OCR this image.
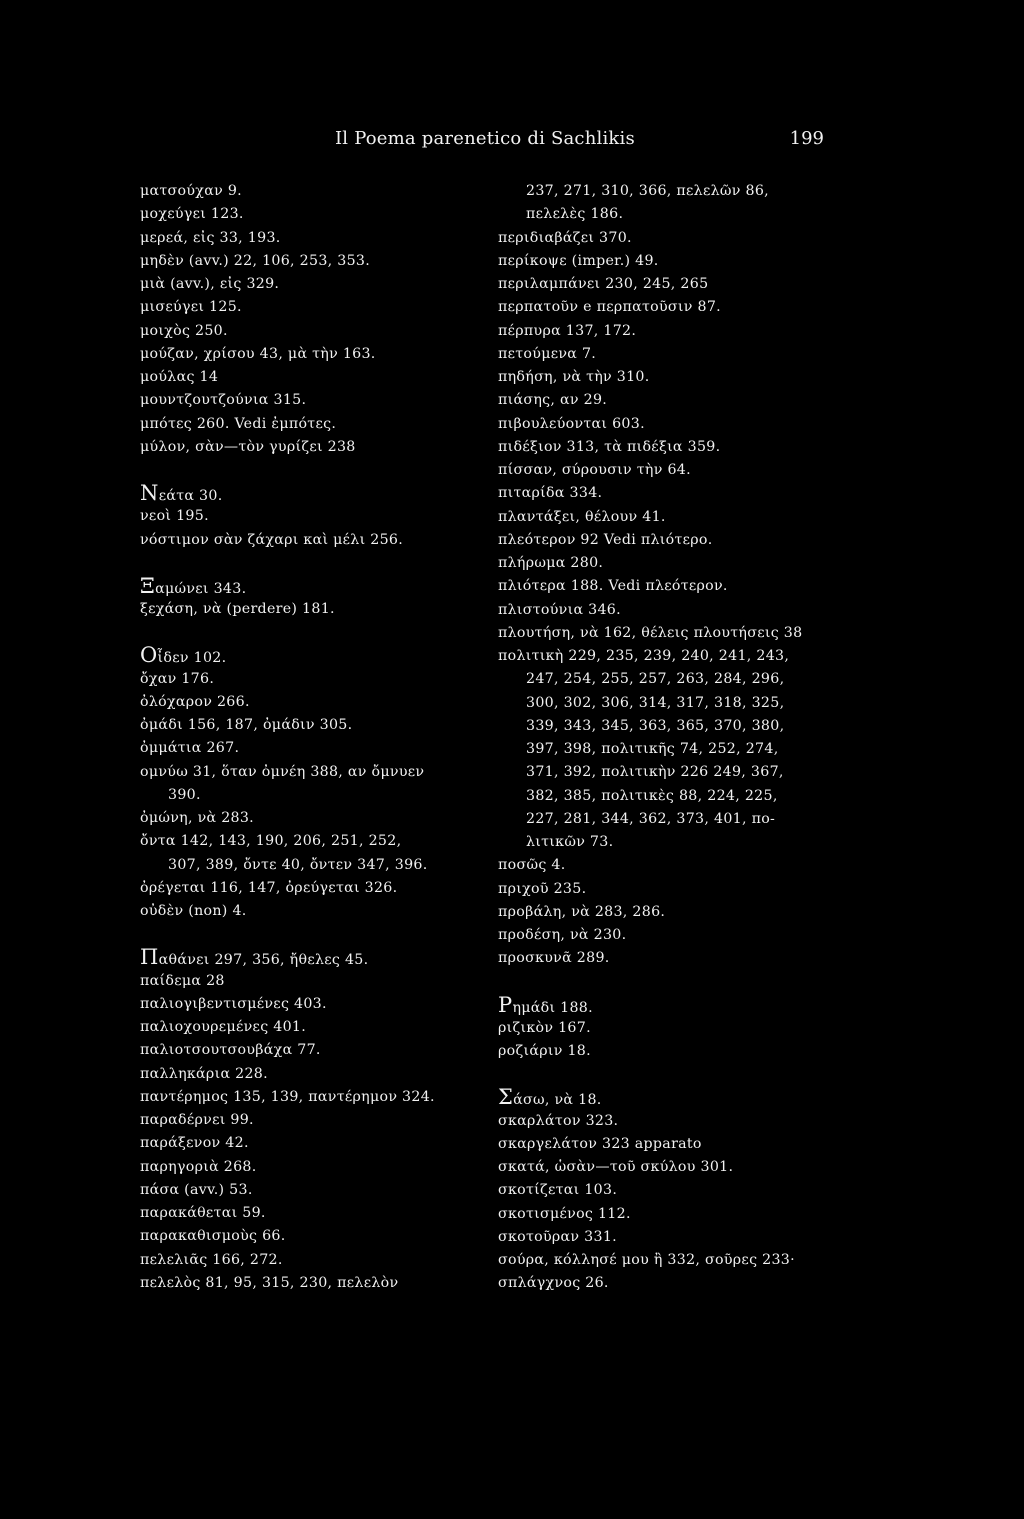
Il Poema parenetico di Sachlikis	199
ματσούχαν 9.
μοχεύγει 123.
μερεά, εἰς 33, 193.
μηδὲν (avv.) 22, 106, 253, 353.
μιὰ (avv.), εἰς 329.
μισεύγει 125.
μοιχὸς 250.
μούζαν, χρίσου 43, μὰ τὴν 163.
μούλας 14
μουντζουτζούνια 315.
μπότες 260. Vedi ἐμπότες.
μύλον, σὰν—τὸν γυρίζει 238
Nεάτα 30.
νεοὶ 195.
νόστιμον σὰν ζάχαρι καὶ μέλι 256.
Ξαμώνει 343.
ξεχάση, νὰ (perdere) 181.
Oἶδεν 102.
ὄχαν 176.
ὀλόχαρον 266.
ὀμάδι 156, 187, ὀμάδιν 305.
ὀμμάτια 267.
ομνύω 31, ὅταν ὀμνέη 388, αν ὄμνυεν
390.
ὀμώνη, νὰ 283.
ὄντα 142, 143, 190, 206, 251, 252,
307, 389, ὄντε 40, ὄντεν 347, 396.
ὀρέγεται 116, 147, ὀρεύγεται 326.
οὐδὲν (non) 4.
Παθάνει 297, 356, ἤθελες 45.
παίδεμα 28
παλιογιβεντισμένες 403.
παλιοχουρεμένες 401.
παλιοτσουτσουβάχα 77.
παλληκάρια 228.
παντέρημος 135, 139, παντέρημον 324.
παραδέρνει 99.
παράξενον 42.
παρηγοριὰ 268.
πάσα (avv.) 53.
παρακάθεται 59.
παρακαθισμοὺς 66.
πελελιᾶς 166, 272.
πελελὸς 81, 95, 315, 230, πελελὸν
237, 271, 310, 366, πελελῶν 86,
πελελὲς 186.
περιδιαβάζει 370.
περίκοψε (imper.) 49.
περιλαμπάνει 230, 245, 265
περπατοῦν e περπατοῦσιν 87.
πέρπυρα 137, 172.
πετούμενα 7.
πηδήση, νὰ τὴν 310.
πιάσης, αν 29.
πιβουλεύονται 603.
πιδέξιον 313, τὰ πιδέξια 359.
πίσσαν, σύρουσιν τὴν 64.
πιταρίδα 334.
πλαντάξει, θέλουν 41.
πλεότερον 92 Vedi πλιότερο.
πλήρωμα 280.
πλιότερα 188. Vedi πλεότερον.
πλιστούνια 346.
πλουτήση, νὰ 162, θέλεις πλουτήσεις 38
πολιτικὴ 229, 235, 239, 240, 241, 243,
247, 254, 255, 257, 263, 284, 296,
300, 302, 306, 314, 317, 318, 325,
339, 343, 345, 363, 365, 370, 380,
397, 398, πολιτικῆς 74, 252, 274,
371, 392, πολιτικὴν 226 249, 367,
382, 385, πολιτικὲς 88, 224, 225,
227, 281, 344, 362, 373, 401, πο-
λιτικῶν 73.
ποσῶς 4.
πριχοῦ 235.
προβάλη, νὰ 283, 286.
προδέση, νὰ 230.
προσκυνᾶ 289.
Pημάδι 188.
ριζικὸν 167.
ροζιάριν 18.
Σάσω, νὰ 18.
σκαρλάτον 323.
σκαργελάτον 323 apparato
σκατά, ὡσὰν—τοῦ σκύλου 301.
σκοτίζεται 103.
σκοτισμένος 112.
σκοτοῦραν 331.
σούρα, κόλλησέ μου ἢ 332, σοῦρες 233·
σπλάγχνος 26.
